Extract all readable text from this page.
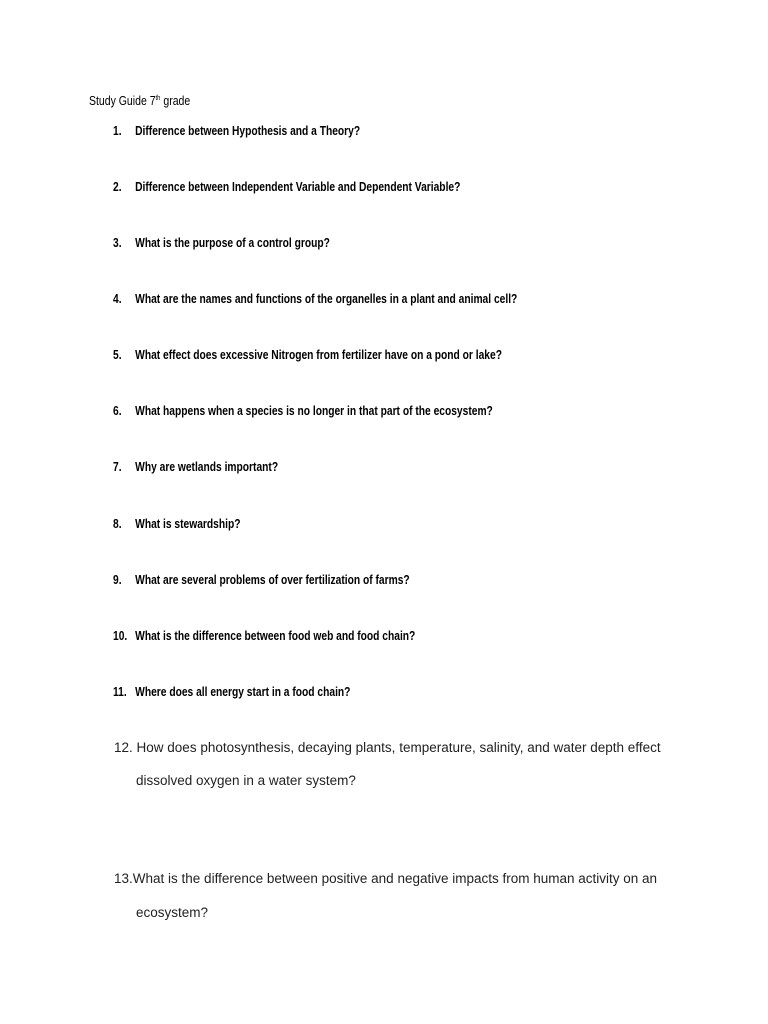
Study Guide 7th grade
1. Difference between Hypothesis and a Theory?
2. Difference between Independent Variable and Dependent Variable?
3. What is the purpose of a control group?
4. What are the names and functions of the organelles in a plant and animal cell?
5. What effect does excessive Nitrogen from fertilizer have on a pond or lake?
6. What happens when a species is no longer in that part of the ecosystem?
7. Why are wetlands important?
8. What is stewardship?
9. What are several problems of over fertilization of farms?
10. What is the difference between food web and food chain?
11. Where does all energy start in a food chain?
12. How does photosynthesis, decaying plants, temperature, salinity, and water depth effect
dissolved oxygen in a water system?
13.What is the difference between positive and negative impacts from human activity on an
ecosystem?
